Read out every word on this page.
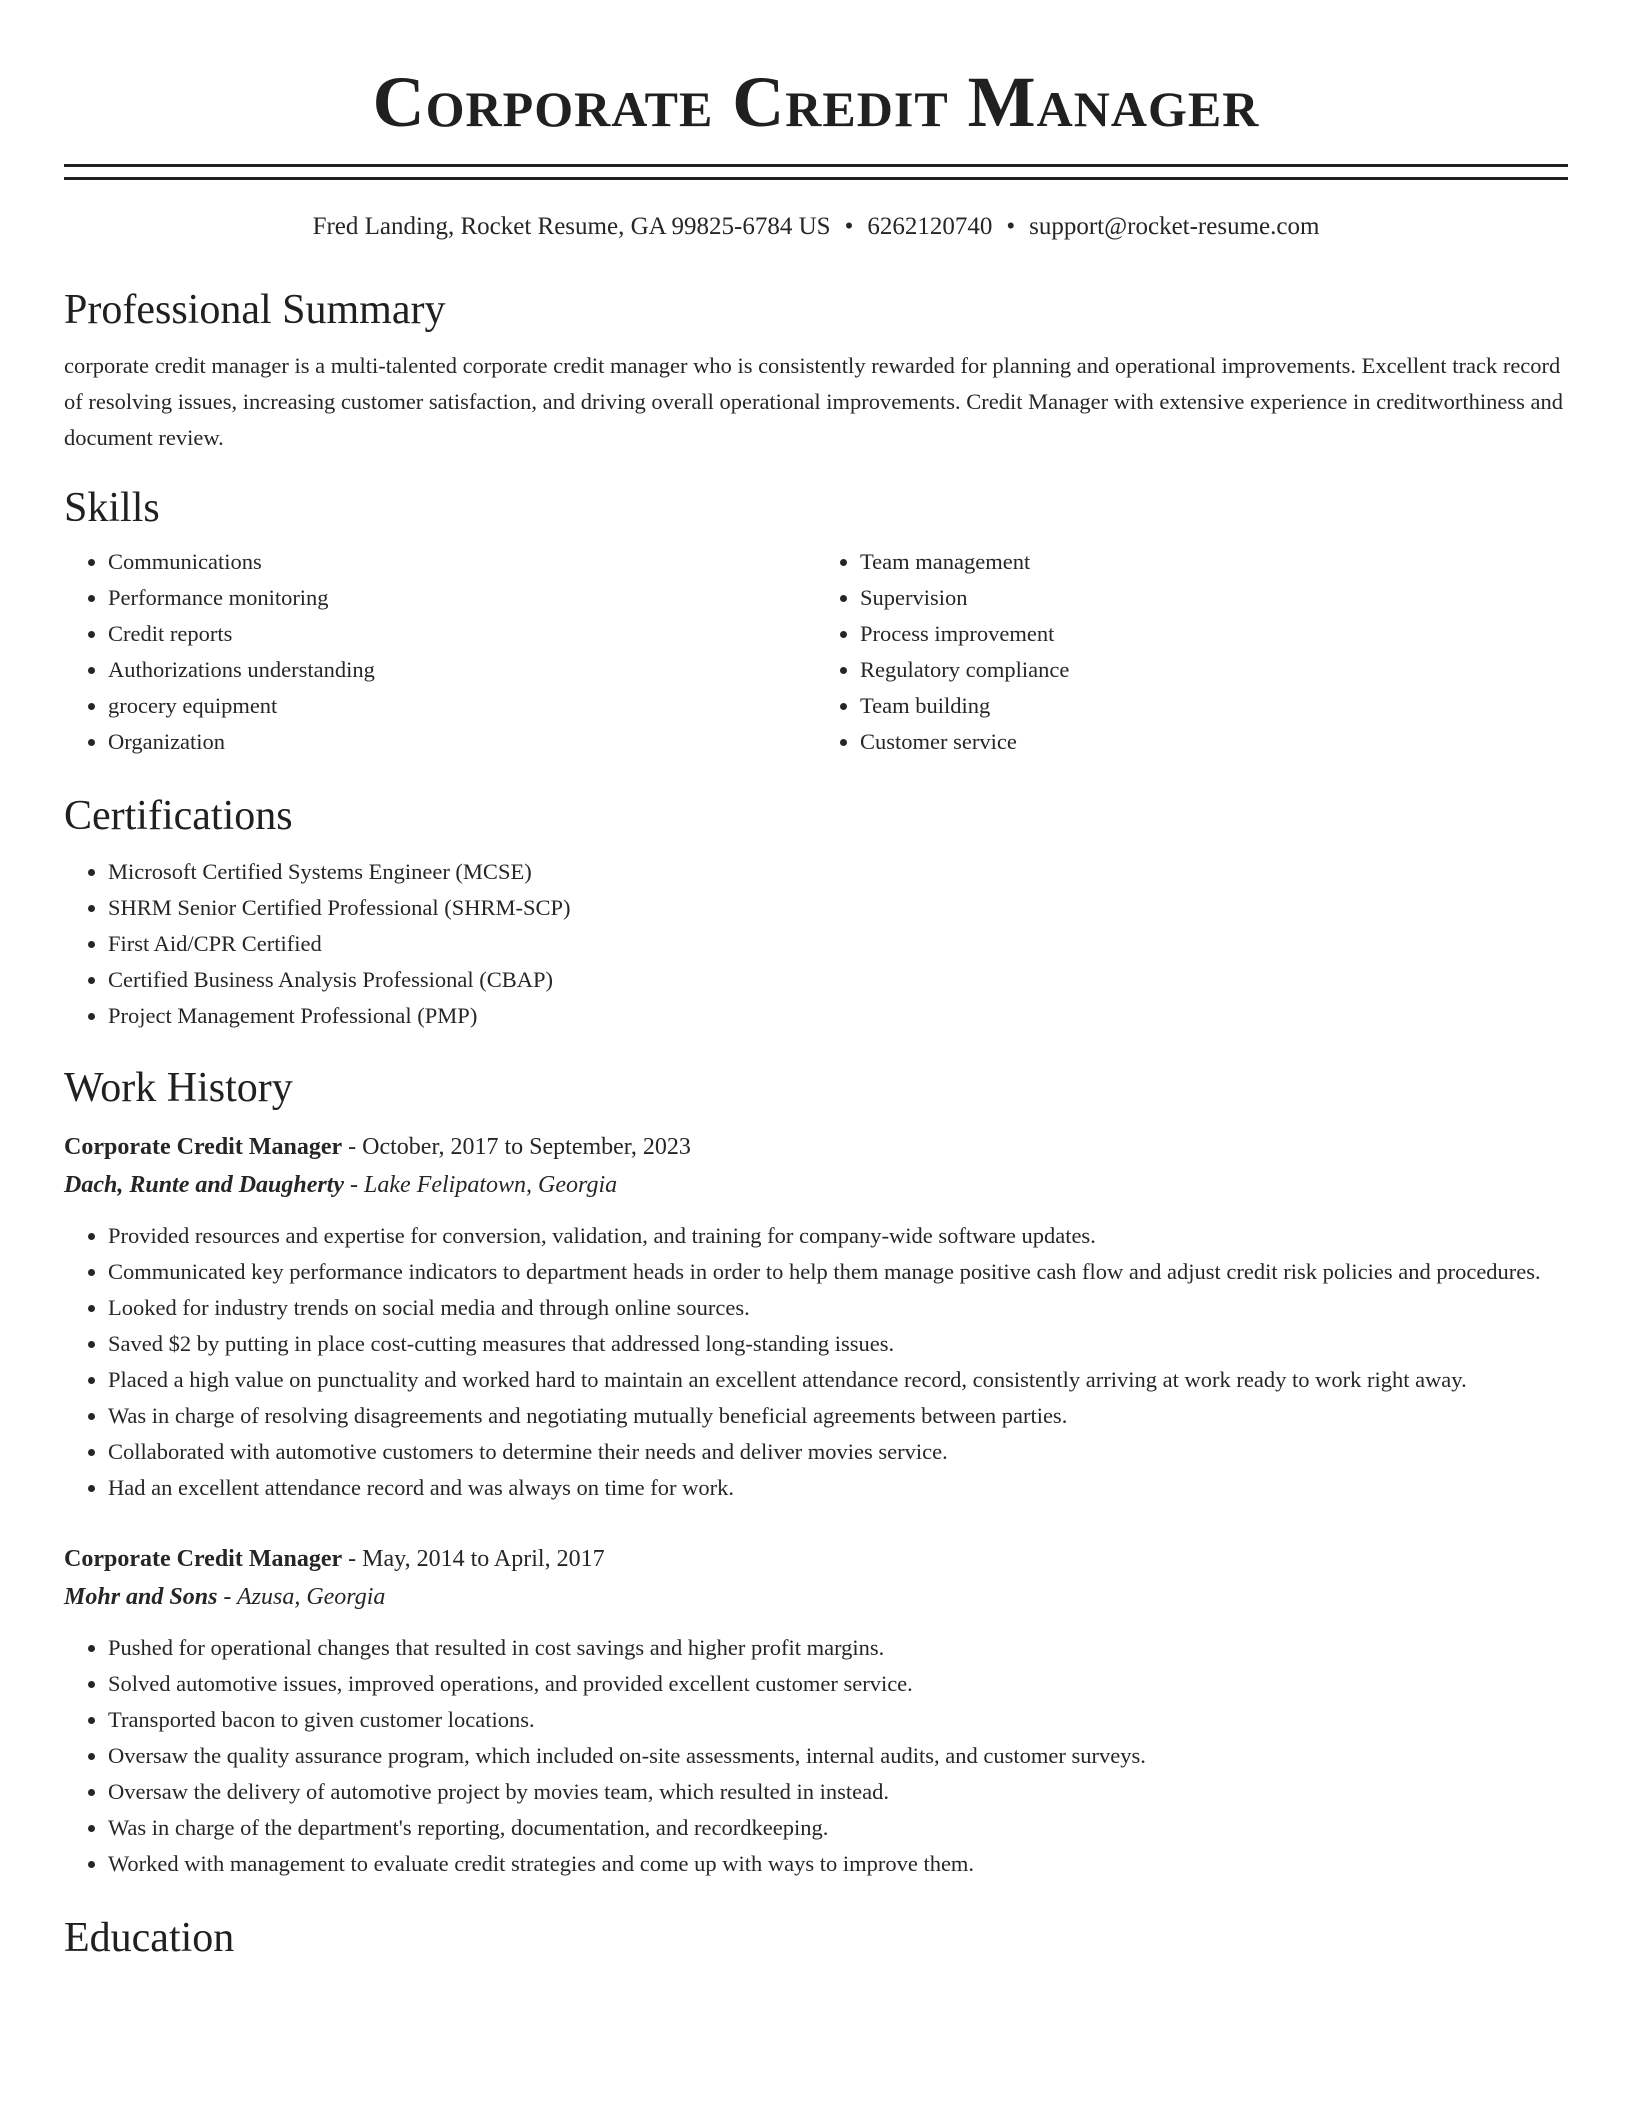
Corporate Credit Manager
Fred Landing, Rocket Resume, GA 99825-6784 US • 6262120740 • support@rocket-resume.com
Professional Summary

corporate credit manager is a multi-talented corporate credit manager who is consistently rewarded for planning and operational improvements. Excellent track record of resolving issues, increasing customer satisfaction, and driving overall operational improvements. Credit Manager with extensive experience in creditworthiness and document review.

Skills
• Communications
• Performance monitoring
• Credit reports
• Authorizations understanding
• grocery equipment
• Organization
• Team management
• Supervision
• Process improvement
• Regulatory compliance
• Team building
• Customer service
Certifications
• Microsoft Certified Systems Engineer (MCSE)
• SHRM Senior Certified Professional (SHRM-SCP)
• First Aid/CPR Certified
• Certified Business Analysis Professional (CBAP)
• Project Management Professional (PMP)
Work History
Corporate Credit Manager - October, 2017 to September, 2023
Dach, Runte and Daugherty - Lake Felipatown, Georgia
• Provided resources and expertise for conversion, validation, and training for company-wide software updates.
• Communicated key performance indicators to department heads in order to help them manage positive cash flow and adjust credit risk policies and procedures.
• Looked for industry trends on social media and through online sources.
• Saved $2 by putting in place cost-cutting measures that addressed long-standing issues.
• Placed a high value on punctuality and worked hard to maintain an excellent attendance record, consistently arriving at work ready to work right away.
• Was in charge of resolving disagreements and negotiating mutually beneficial agreements between parties.
• Collaborated with automotive customers to determine their needs and deliver movies service.
• Had an excellent attendance record and was always on time for work.
Corporate Credit Manager - May, 2014 to April, 2017
Mohr and Sons - Azusa, Georgia
• Pushed for operational changes that resulted in cost savings and higher profit margins.
• Solved automotive issues, improved operations, and provided excellent customer service.
• Transported bacon to given customer locations.
• Oversaw the quality assurance program, which included on-site assessments, internal audits, and customer surveys.
• Oversaw the delivery of automotive project by movies team, which resulted in instead.
• Was in charge of the department's reporting, documentation, and recordkeeping.
• Worked with management to evaluate credit strategies and come up with ways to improve them.
Education
